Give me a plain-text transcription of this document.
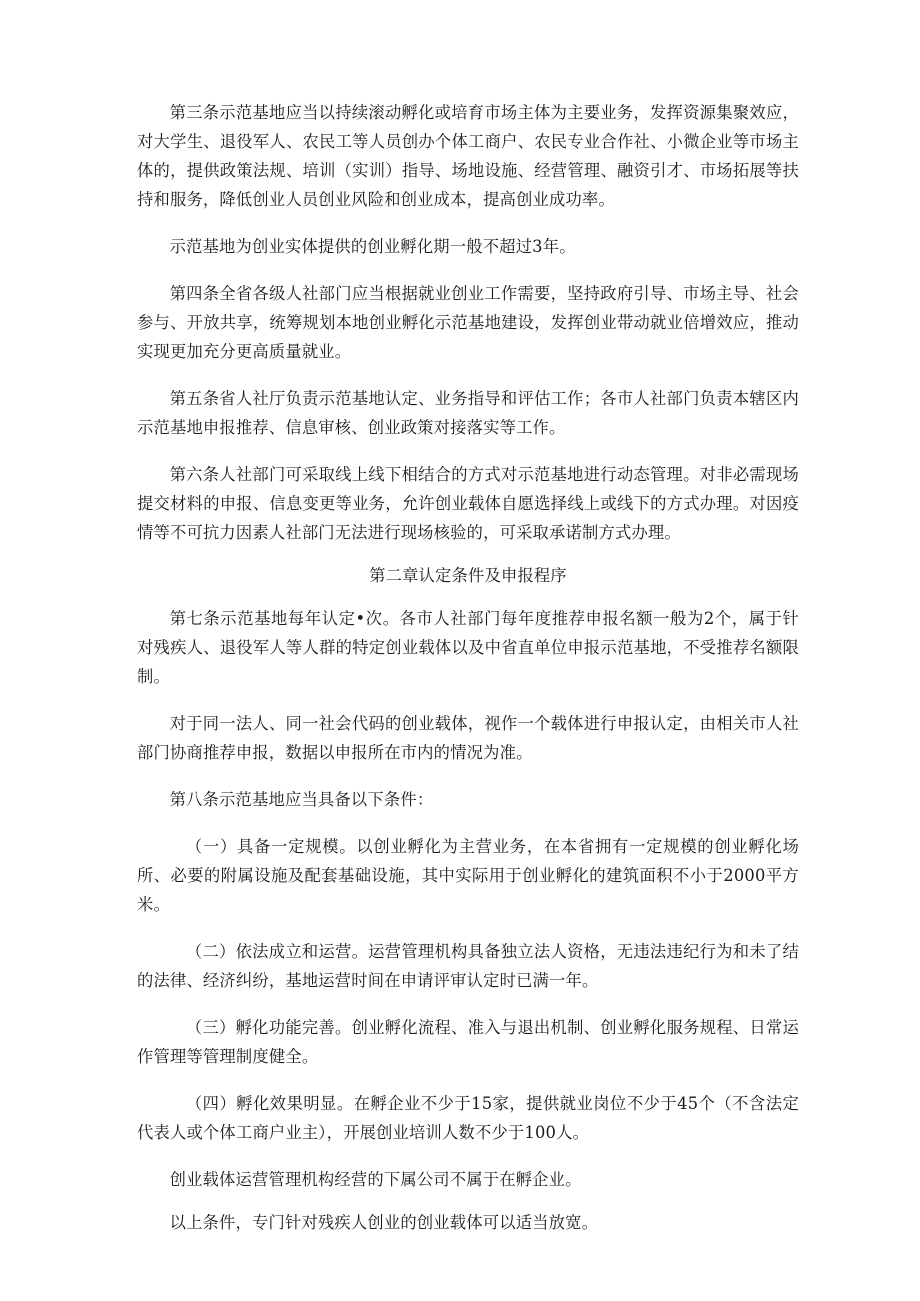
第三条示范基地应当以持续滚动孵化或培育市场主体为主要业务，发挥资源集聚效应，对大学生、退役军人、农民工等人员创办个体工商户、农民专业合作社、小微企业等市场主体的，提供政策法规、培训（实训）指导、场地设施、经营管理、融资引才、市场拓展等扶持和服务，降低创业人员创业风险和创业成本，提高创业成功率。

示范基地为创业实体提供的创业孵化期一般不超过3年。

第四条全省各级人社部门应当根据就业创业工作需要，坚持政府引导、市场主导、社会参与、开放共享，统筹规划本地创业孵化示范基地建设，发挥创业带动就业倍增效应，推动实现更加充分更高质量就业。

第五条省人社厅负责示范基地认定、业务指导和评估工作；各市人社部门负责本辖区内示范基地申报推荐、信息审核、创业政策对接落实等工作。

第六条人社部门可采取线上线下相结合的方式对示范基地进行动态管理。对非必需现场提交材料的申报、信息变更等业务，允许创业载体自愿选择线上或线下的方式办理。对因疫情等不可抗力因素人社部门无法进行现场核验的，可采取承诺制方式办理。

第二章认定条件及申报程序

第七条示范基地每年认定•次。各市人社部门每年度推荐申报名额一般为2个，属于针对残疾人、退役军人等人群的特定创业载体以及中省直单位申报示范基地，不受推荐名额限制。

对于同一法人、同一社会代码的创业载体，视作一个载体进行申报认定，由相关市人社部门协商推荐申报，数据以申报所在市内的情况为准。

第八条示范基地应当具备以下条件：

（一）具备一定规模。以创业孵化为主营业务，在本省拥有一定规模的创业孵化场所、必要的附属设施及配套基础设施，其中实际用于创业孵化的建筑面积不小于2000平方米。

（二）依法成立和运营。运营管理机构具备独立法人资格，无违法违纪行为和未了结的法律、经济纠纷，基地运营时间在申请评审认定时已满一年。

（三）孵化功能完善。创业孵化流程、准入与退出机制、创业孵化服务规程、日常运作管理等管理制度健全。

（四）孵化效果明显。在孵企业不少于15家，提供就业岗位不少于45个（不含法定代表人或个体工商户业主），开展创业培训人数不少于100人。

创业载体运营管理机构经营的下属公司不属于在孵企业。

以上条件，专门针对残疾人创业的创业载体可以适当放宽。
